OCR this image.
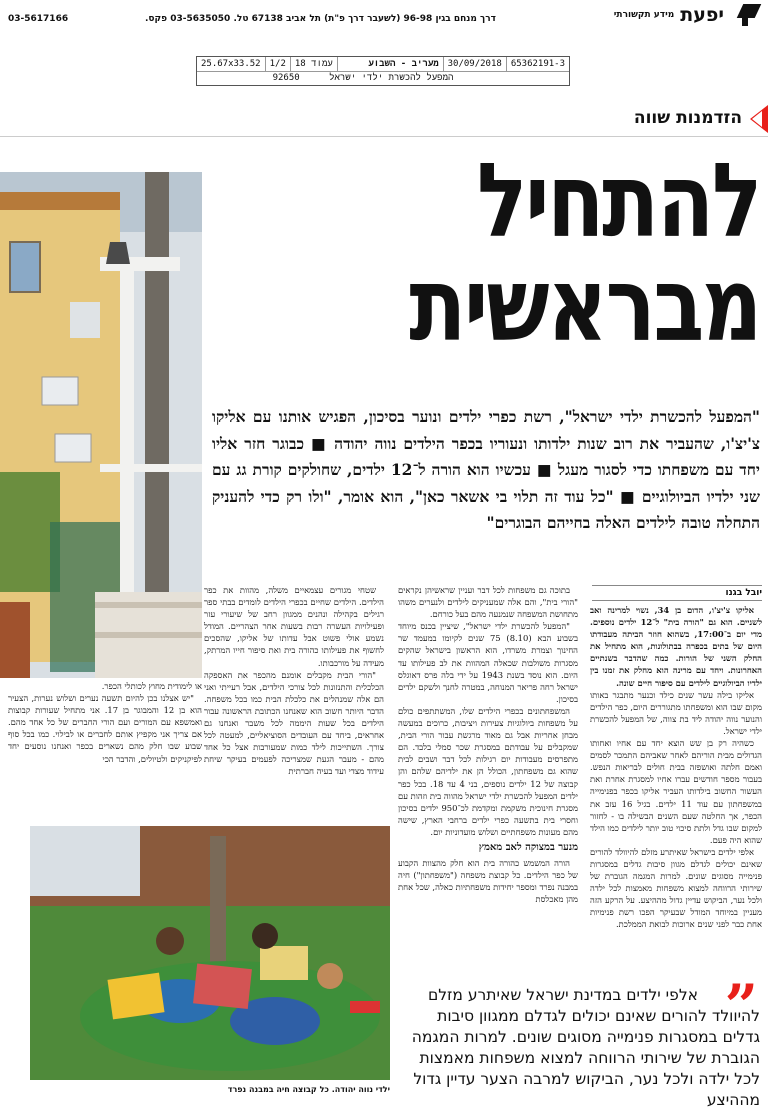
יפעת
מידע תקשורתי
דרך מנחם בגין 96-98 (לשעבר דרך פ"ת) תל אביב 67138 טל. 03-5635050 פקס.
03-5617166
65362191-3
30/09/2018
מעריב - השבוע
עמוד 18
1/2
25.67x33.52
המפעל להכשרת ילדי ישראל 92650
הזדמנות שווה
להתחיל
מבראשית
"המפעל להכשרת ילדי ישראל", רשת כפרי ילדים ונוער בסיכון, הפגיש אותנו עם אליקו צ'יצ'ו, שהעביר את רוב שנות ילדותו ונעוריו בכפר הילדים נווה יהודה ■ כבוגר חזר אליו יחד עם משפחתו כדי לסגור מעגל ■ עכשיו הוא הורה ל־12 ילדים, שחולקים קורת גג עם שני ילדיו הביולוגיים ■ "כל עוד זה תלוי בי אשאר כאן", הוא אומר, "ולו רק כדי להעניק התחלה טובה לילדים האלה בחייהם הבוגרים"
יובל בגנו

אליקו צ'יצ'ו, הדום בן 34, נשוי למרינה ואב לשניים. הוא גם "הורה בית" ל־12 ילדים נוספים. מדי יום ב־17:00, בשהוא חוזר הביתה מעבודתו היום של בתים בכפרה בבתולונות, הוא מתחיל את החלק השני של הורות. כמה שהדבר בשנתיים האחרונות. ויחד עם מרינה הוא מחלק את זמנו בין ילדיו הביולוגיים לילדים עם סיפור חיים שונה.

אליקו בילה עשר שנים כילד וכנער מתבגר באותו מקום שבו הוא ומשפחתו מתגוררים היום, כפר הילדים והנוער נווה יהודה ליד בת צווה, של המפעל להכשרת ילדי ישראל.

כשהיה רק בן שש הוצא יחד עם אחיו ואחותו הגדולים מבית הוריהם לאחר שאביהם התמכר לסמים ואמם חלתה ואושפזה בבית חולים לבריאות הנפש. בעבור מספר חודשים עברו אחיו למסגרת אחרת ואת העשור החשוב בילדותו העביר אליקו בכפר בפנימייה במשפחתון עם עוד 11 ילדים. בגיל 16 עזב את הכפר, אך החלטה שעם השנים הבשילה בו - לחזור למקום שבו גדל ולתת סיכוי טוב יותר לילדים כמו הילד שהוא היה פעם.

אלפי ילדים בישראל שאיתרע מזלם להיוולד להורים שאינם יכולים לגדלם מגוון סיבות גדלים במסגרות פנימייה מסוגים שונים. למרות המגמה הגוברת של שירותי הרווחה למצוא משפחות מאמצות לכל ילדה ולכל נער, הביקוש עדיין גדול מההיצע. על הרקע הזה מעניין במיוחד המודל שבעיקר הפכו רשת פנימיות אחת כבר לפני שנים ארוכות לבואת הממלכת.

בתוכה גם משפחות לכל דבר ועניין שראשיהן נקראים "הורי בית", והם אלה שמעניקים לילדים ולנערים משהו מתחושת המשפחה שנמנעה מהם בעל כורחם.

"המפעל להכשרת ילדי ישראל", שיציין בכנס מיוחד בשבוע הבא (8.10) 75 שנים לקיומו במעמד שר החינוך וצמרת משרדו, הוא הראשון בישראל שהקים מסגרות משולבות שכאלה המהוות את לב פעילותו עד היום. הוא נוסד בשנת 1943 על ידי בלה פרס דאוגלס ישראל רחה פריאר המנוחה, במטרה לחנך ולשקם ילדים בסיכון.

המשפחתונים בכפרי הילדים שלו, המשתתפים כולם על משפחות ביולוגיות צעירות ויציבות, כרוכים במעשה מבחן אחריות אבל גם מאוד מרגשת עבור הורי הבית, שמקבלים על עבודתם במסגרת שכר סמלי בלבד. הם מתפרסים מעבודות יום רגילות לכל דבר ושבים לבית שהוא גם משפחתון, הכולל הן את ילדיהם שלהם והן קבוצה של 12 ילדים נוספים, בני 4 עד 18. בכל כפר ילדים המפעל להכשרת ילדי ישראל מהווה בית וזהות עם מסגרת חינוכית משקמת ומקדמת לכ־950 ילדים בסיכון וחסרי בית בתשעה כפרי ילדים ברחבי הארץ, שישה מהם מעונות משפחתיים ושלוש מועדוניות יום.

מנער במצוקה לאב מאמץ

הורה המשמש כהורה בית הוא חלק מהצוות הקבוע של כפר הילדים. כל קבוצת משפחה ("משפחתון") חיה במבנה נפרד ומספר יחידות משפחתיות כאלה, שכל אחת מהן מאכלסת

שטחי מגורים עצמאיים משלה, מהוות את כפר הילדים. הילדים שחיים בכפרי הילדים לומדים בבתי ספר רגילים בקהילה ונהנים ממגוון רחב של שיעורי עזר ופעילויות העשרה רבות בשעות אחר הצהריים. המודל נשמע אולי פשוט אבל עדותו של אליקו, שהסכים לחשוף את פעילותו כהורה בית ואת סיפור חייו המרתק, מעידה על מורכבותו.

"הורי הבית מקבלים אומנם מהכפר את האספקה הכלכלית והתנזונות לכל צורכי הילדים, אבל רעייתי ואני הם אלה שמנהלים את כלכלת הבית כמו בכל משפחה. הדבר היותר חשוב הוא שאנחנו הכתובת הראשונה עבור הילדים בכל שעות היממה לכל משבר ואנחנו גם אחראים, ביחד עם העובדים הסוציאליים, למעטה לכל צורך. השתייכות לילד כמות שמעורבות אצל כל אחד מהם - מעבר הגעת שמצריכה לפעמים בעיקר שיחת עידוד מצדי ועד בעיה חברתית

או לימודית מחוץ לכותלי הכפר.

"יש אצלנו בכן להיום תשעה נערים ושלוש נערות, הצעיר הוא בן 12 והמבוגר בן 17. אני מתחיל שעורות קבוצות ואמשפא עם המורים ועם הורי החברים של כל אחד מהם. אם צריך אני מקפיץ אותם לחברים או לבילוי. כמו בכל סוף שבוע שבו חלק מהם נשארים בכפר ואנחנו נוסעים יחד לפיקניקים ולטיולים, והדבר הכי

ילדי נווה יהודה. כל קבוצה חיה במבנה נפרד
אלפי ילדים במדינת ישראל שאיתרע מזלם להיוולד להורים שאינם יכולים לגדלם ממגוון סיבות גדלים במסגרות פנימייה מסוגים שונים. למרות המגמה הגוברת של שירותי הרווחה למצוא משפחות מאמצות לכל ילדה ולכל נער, הביקוש למרבה הצער עדיין גדול מההיצע
”
